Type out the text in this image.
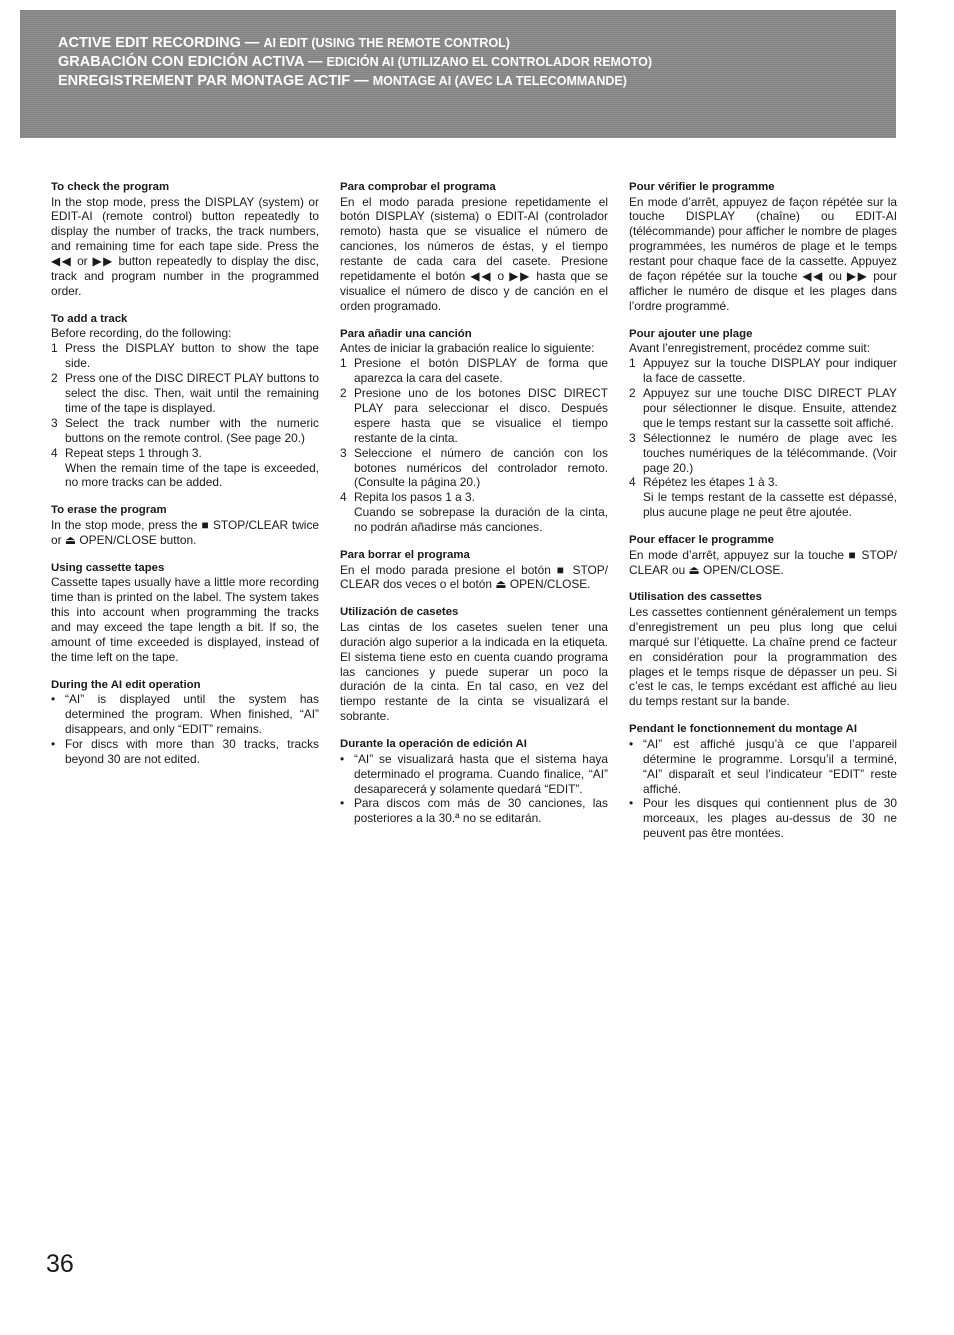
ACTIVE EDIT RECORDING — AI EDIT (USING THE REMOTE CONTROL)
GRABACIÓN CON EDICIÓN ACTIVA — EDICIÓN AI (UTILIZANO EL CONTROLADOR REMOTO)
ENREGISTREMENT PAR MONTAGE ACTIF — MONTAGE AI (AVEC LA TELECOMMANDE)
To check the program
In the stop mode, press the DISPLAY (system) or EDIT-AI (remote control) button repeatedly to display the number of tracks, the track numbers, and remaining time for each tape side. Press the ◀◀ or ▶▶ button repeatedly to display the disc, track and program number in the programmed order.
To add a track
Before recording, do the following:
1 Press the DISPLAY button to show the tape side.
2 Press one of the DISC DIRECT PLAY buttons to select the disc. Then, wait until the remaining time of the tape is displayed.
3 Select the track number with the numeric buttons on the remote control. (See page 20.)
4 Repeat steps 1 through 3.
When the remain time of the tape is exceeded, no more tracks can be added.
To erase the program
In the stop mode, press the ■ STOP/CLEAR twice or ⏏ OPEN/CLOSE button.
Using cassette tapes
Cassette tapes usually have a little more recording time than is printed on the label. The system takes this into account when programming the tracks and may exceed the tape length a bit. If so, the amount of time exceeded is displayed, instead of the time left on the tape.
During the AI edit operation
• “AI” is displayed until the system has determined the program. When finished, “AI” disappears, and only “EDIT” remains.
• For discs with more than 30 tracks, tracks beyond 30 are not edited.
Para comprobar el programa
En el modo parada presione repetidamente el botón DISPLAY (sistema) o EDIT-AI (controlador remoto) hasta que se visualice el número de canciones, los números de éstas, y el tiempo restante de cada cara del casete. Presione repetidamente el botón ◀◀ o ▶▶ hasta que se visualice el número de disco y de canción en el orden programado.
Para añadir una canción
Antes de iniciar la grabación realice lo siguiente:
1 Presione el botón DISPLAY de forma que aparezca la cara del casete.
2 Presione uno de los botones DISC DIRECT PLAY para seleccionar el disco. Después espere hasta que se visualice el tiempo restante de la cinta.
3 Seleccione el número de canción con los botones numéricos del controlador remoto. (Consulte la página 20.)
4 Repita los pasos 1 a 3.
Cuando se sobrepase la duración de la cinta, no podrán añadirse más canciones.
Para borrar el programa
En el modo parada presione el botón ■ STOP/ CLEAR dos veces o el botón ⏏ OPEN/CLOSE.
Utilización de casetes
Las cintas de los casetes suelen tener una duración algo superior a la indicada en la etiqueta. El sistema tiene esto en cuenta cuando programa las canciones y puede superar un poco la duración de la cinta. En tal caso, en vez del tiempo restante de la cinta se visualizará el sobrante.
Durante la operación de edición AI
• “AI” se visualizará hasta que el sistema haya determinado el programa. Cuando finalice, “AI” desaparecerá y solamente quedará “EDIT”.
• Para discos com más de 30 canciones, las posteriores a la 30.ª no se editarán.
Pour vérifier le programme
En mode d’arrêt, appuyez de façon répétée sur la touche DISPLAY (chaîne) ou EDIT-AI (télécommande) pour afficher le nombre de plages programmées, les numéros de plage et le temps restant pour chaque face de la cassette. Appuyez de façon répétée sur la touche ◀◀ ou ▶▶ pour afficher le numéro de disque et les plages dans l’ordre programmé.
Pour ajouter une plage
Avant l’enregistrement, procédez comme suit:
1 Appuyez sur la touche DISPLAY pour indiquer la face de cassette.
2 Appuyez sur une touche DISC DIRECT PLAY pour sélectionner le disque. Ensuite, attendez que le temps restant sur la cassette soit affiché.
3 Sélectionnez le numéro de plage avec les touches numériques de la télécommande. (Voir page 20.)
4 Répétez les étapes 1 à 3.
Si le temps restant de la cassette est dépassé, plus aucune plage ne peut être ajoutée.
Pour effacer le programme
En mode d’arrêt, appuyez sur la touche ■ STOP/ CLEAR ou ⏏ OPEN/CLOSE.
Utilisation des cassettes
Les cassettes contiennent généralement un temps d’enregistrement un peu plus long que celui marqué sur l’étiquette. La chaîne prend ce facteur en considération pour la programmation des plages et le temps risque de dépasser un peu. Si c’est le cas, le temps excédant est affiché au lieu du temps restant sur la bande.
Pendant le fonctionnement du montage AI
• “AI” est affiché jusqu’à ce que l’appareil détermine le programme. Lorsqu’il a terminé, “AI” disparaît et seul l’indicateur “EDIT” reste affiché.
• Pour les disques qui contiennent plus de 30 morceaux, les plages au-dessus de 30 ne peuvent pas être montées.
36
